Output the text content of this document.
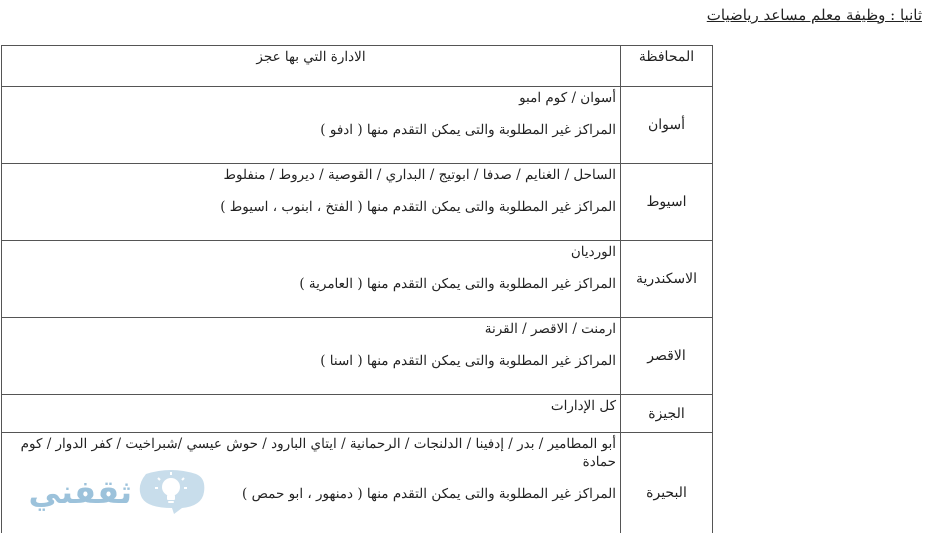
ثانيا : وظيفة معلم مساعد رياضيات
المحافظة	الادارة التي بها عجز
أسوان	أسوان / كوم امبو
المراكز غير المطلوبة والتى يمكن التقدم منها ( ادفو )

اسيوط	الساحل / الغنايم / صدفا / ابوتيج / البداري / القوصية / ديروط / منفلوط
المراكز غير المطلوبة والتى يمكن التقدم منها ( الفتخ ، ابنوب ، اسيوط )

الاسكندرية	الورديان
المراكز غير المطلوبة والتى يمكن التقدم منها ( العامرية )

الاقصر	ارمنت / الاقصر / القرنة
المراكز غير المطلوبة والتى يمكن التقدم منها ( اسنا )

الجيزة	كل الإدارات

البحيرة	أبو المطامير / بدر / إدفينا / الدلنجات / الرحمانية / ايتاي البارود / حوش عيسي /شبراخيت / كفر الدوار / كوم حمادة
المراكز غير المطلوبة والتى يمكن التقدم منها ( دمنهور ، ابو حمص )
ثقفني
